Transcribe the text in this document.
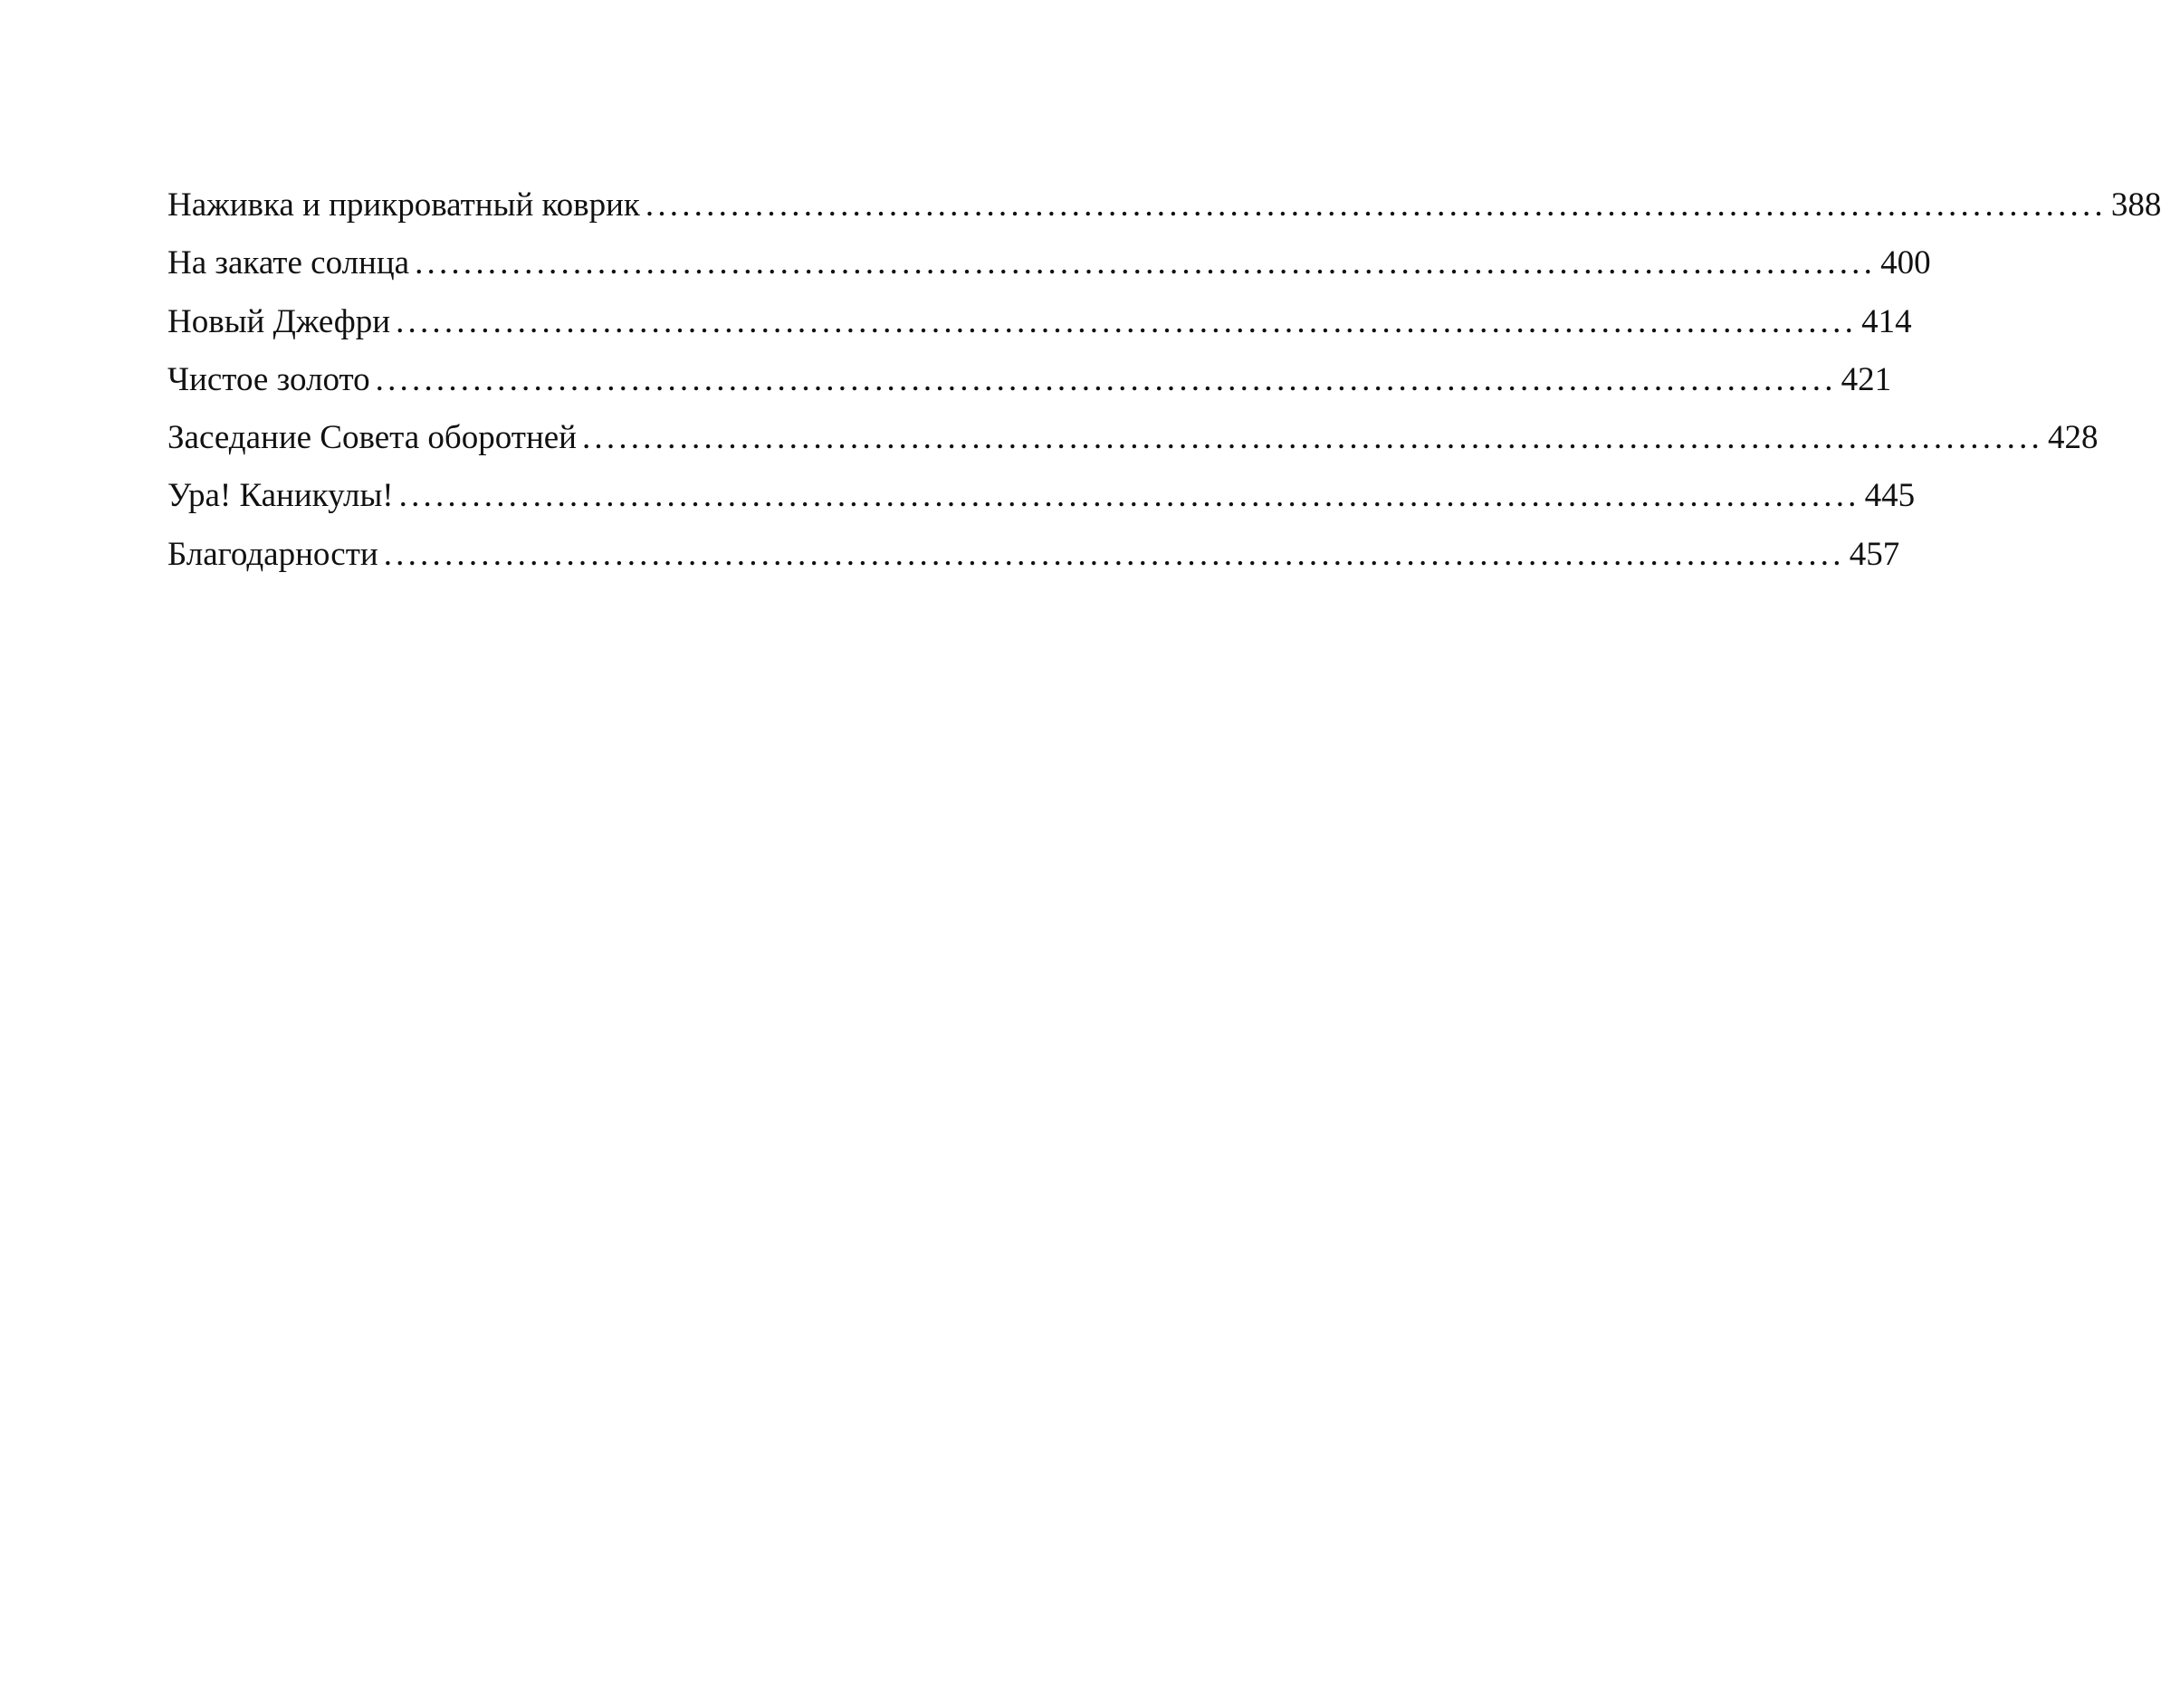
Наживка и прикроватный коврик ........................................................................................................................ 388
На закате солнца ........................................................................................................................ 400
Новый Джефри ........................................................................................................................ 414
Чистое золото ........................................................................................................................ 421
Заседание Совета оборотней ........................................................................................................................ 428
Ура! Каникулы! ........................................................................................................................ 445
Благодарности ........................................................................................................................ 457
